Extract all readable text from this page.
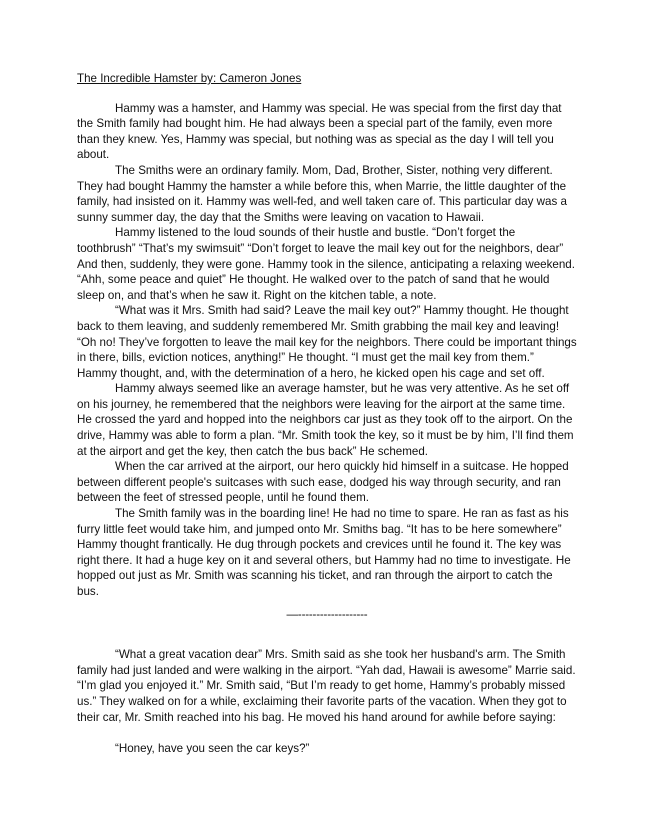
The Incredible Hamster by: Cameron Jones

Hammy was a hamster, and Hammy was special. He was special from the first day that the Smith family had bought him. He had always been a special part of the family, even more than they knew. Yes, Hammy was special, but nothing was as special as the day I will tell you about.

The Smiths were an ordinary family. Mom, Dad, Brother, Sister, nothing very different. They had bought Hammy the hamster a while before this, when Marrie, the little daughter of the family, had insisted on it. Hammy was well-fed, and well taken care of. This particular day was a sunny summer day, the day that the Smiths were leaving on vacation to Hawaii.

Hammy listened to the loud sounds of their hustle and bustle. “Don’t forget the toothbrush” “That’s my swimsuit” “Don’t forget to leave the mail key out for the neighbors, dear” And then, suddenly, they were gone. Hammy took in the silence, anticipating a relaxing weekend. “Ahh, some peace and quiet” He thought. He walked over to the patch of sand that he would sleep on, and that’s when he saw it. Right on the kitchen table, a note.

“What was it Mrs. Smith had said? Leave the mail key out?” Hammy thought. He thought back to them leaving, and suddenly remembered Mr. Smith grabbing the mail key and leaving! “Oh no! They’ve forgotten to leave the mail key for the neighbors. There could be important things in there, bills, eviction notices, anything!” He thought. “I must get the mail key from them.” Hammy thought, and, with the determination of a hero, he kicked open his cage and set off.

Hammy always seemed like an average hamster, but he was very attentive. As he set off on his journey, he remembered that the neighbors were leaving for the airport at the same time. He crossed the yard and hopped into the neighbors car just as they took off to the airport. On the drive, Hammy was able to form a plan. “Mr. Smith took the key, so it must be by him, I’ll find them at the airport and get the key, then catch the bus back” He schemed.

When the car arrived at the airport, our hero quickly hid himself in a suitcase. He hopped between different people's suitcases with such ease, dodged his way through security, and ran between the feet of stressed people, until he found them.

The Smith family was in the boarding line! He had no time to spare. He ran as fast as his furry little feet would take him, and jumped onto Mr. Smiths bag. “It has to be here somewhere” Hammy thought frantically. He dug through pockets and crevices until he found it. The key was right there. It had a huge key on it and several others, but Hammy had no time to investigate. He hopped out just as Mr. Smith was scanning his ticket, and ran through the airport to catch the bus.

—-------------------

“What a great vacation dear” Mrs. Smith said as she took her husband's arm. The Smith family had just landed and were walking in the airport. “Yah dad, Hawaii is awesome” Marrie said. “I’m glad you enjoyed it.” Mr. Smith said, “But I’m ready to get home, Hammy’s probably missed us.” They walked on for a while, exclaiming their favorite parts of the vacation. When they got to their car, Mr. Smith reached into his bag. He moved his hand around for awhile before saying:

“Honey, have you seen the car keys?”
